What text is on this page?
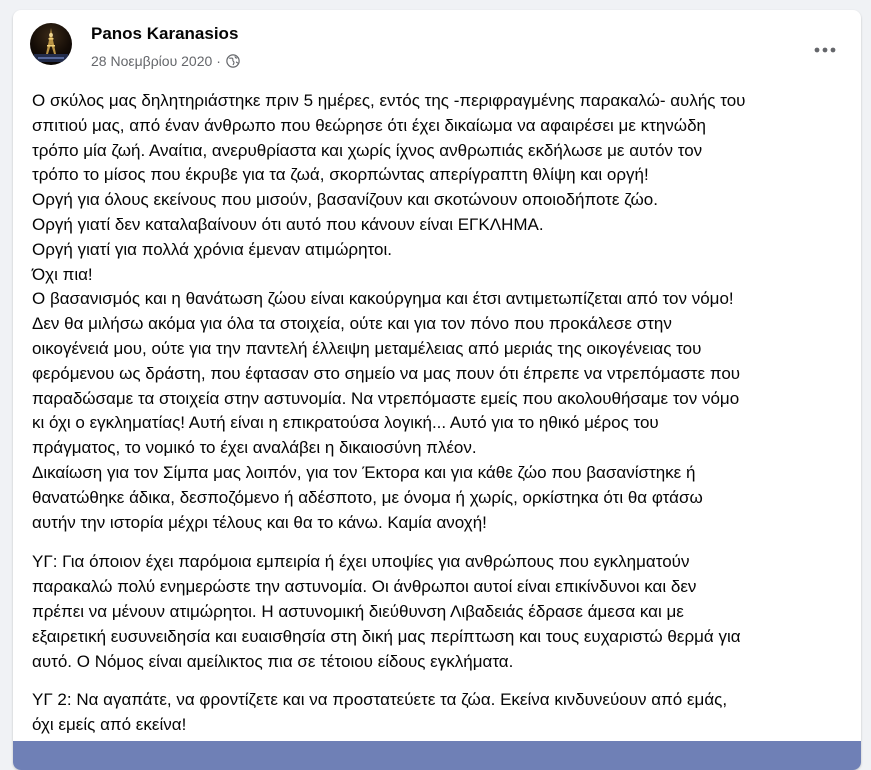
Panos Karanasios
28 Νοεμβρίου 2020 ·

Ο σκύλος μας δηλητηριάστηκε πριν 5 ημέρες, εντός της -περιφραγμένης παρακαλώ- αυλής του
σπιτιού μας, από έναν άνθρωπο που θεώρησε ότι έχει δικαίωμα να αφαιρέσει με κτηνώδη
τρόπο μία ζωή. Αναίτια, ανερυθρίαστα και χωρίς ίχνος ανθρωπιάς εκδήλωσε με αυτόν τον
τρόπο το μίσος που έκρυβε για τα ζωά, σκορπώντας απερίγραπτη θλίψη και οργή!
Οργή για όλους εκείνους που μισούν, βασανίζουν και σκοτώνουν οποιοδήποτε ζώο.
Οργή γιατί δεν καταλαβαίνουν ότι αυτό που κάνουν είναι ΕΓΚΛΗΜΑ.
Οργή γιατί για πολλά χρόνια έμεναν ατιμώρητοι.
Όχι πια!
Ο βασανισμός και η θανάτωση ζώου είναι κακούργημα και έτσι αντιμετωπίζεται από τον νόμο!
Δεν θα μιλήσω ακόμα για όλα τα στοιχεία, ούτε και για τον πόνο που προκάλεσε στην
οικογένειά μου, ούτε για την παντελή έλλειψη μεταμέλειας από μεριάς της οικογένειας του
φερόμενου ως δράστη, που έφτασαν στο σημείο να μας πουν ότι έπρεπε να ντρεπόμαστε που
παραδώσαμε τα στοιχεία στην αστυνομία. Να ντρεπόμαστε εμείς που ακολουθήσαμε τον νόμο
κι όχι ο εγκληματίας! Αυτή είναι η επικρατούσα λογική... Αυτό για το ηθικό μέρος του
πράγματος, το νομικό το έχει αναλάβει η δικαιοσύνη πλέον.
Δικαίωση για τον Σίμπα μας λοιπόν, για τον Έκτορα και για κάθε ζώο που βασανίστηκε ή
θανατώθηκε άδικα, δεσποζόμενο ή αδέσποτο, με όνομα ή χωρίς, ορκίστηκα ότι θα φτάσω
αυτήν την ιστορία μέχρι τέλους και θα το κάνω. Καμία ανοχή!

ΥΓ: Για όποιον έχει παρόμοια εμπειρία ή έχει υποψίες για ανθρώπους που εγκληματούν
παρακαλώ πολύ ενημερώστε την αστυνομία. Οι άνθρωποι αυτοί είναι επικίνδυνοι και δεν
πρέπει να μένουν ατιμώρητοι. Η αστυνομική διεύθυνση Λιβαδειάς έδρασε άμεσα και με
εξαιρετική ευσυνειδησία και ευαισθησία στη δική μας περίπτωση και τους ευχαριστώ θερμά για
αυτό. Ο Νόμος είναι αμείλικτος πια σε τέτοιου είδους εγκλήματα.

ΥΓ 2: Να αγαπάτε, να φροντίζετε και να προστατεύετε τα ζώα. Εκείνα κινδυνεύουν από εμάς,
όχι εμείς από εκείνα!
